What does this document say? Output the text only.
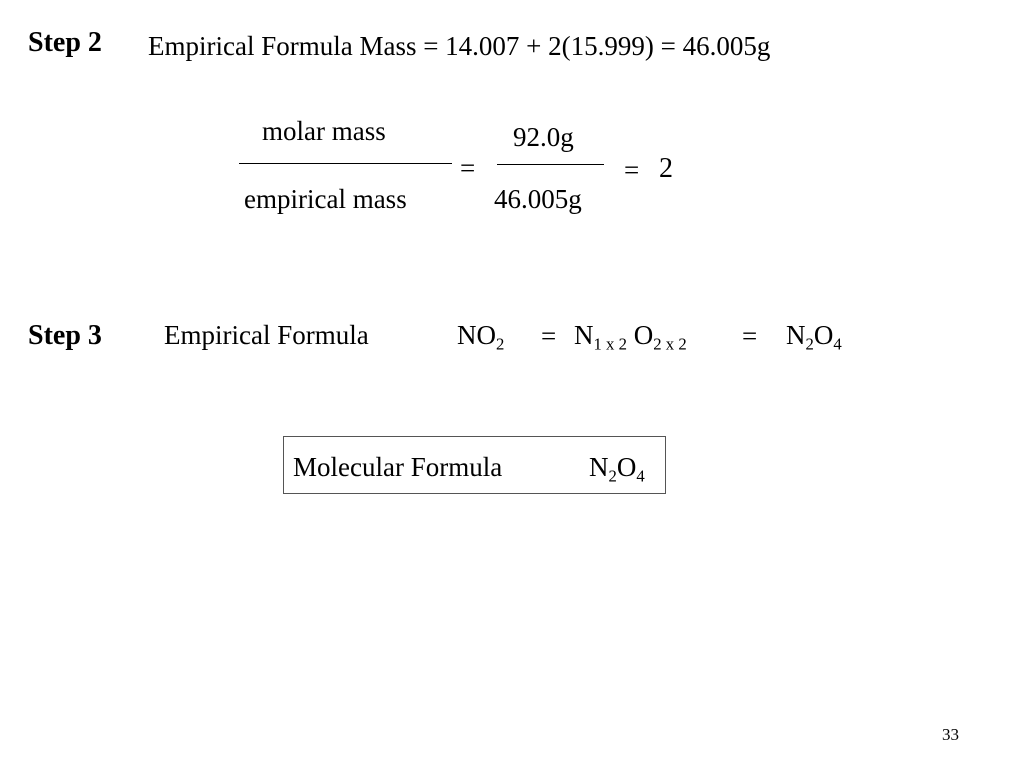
Step 2 Empirical Formula Mass = 14.007 + 2(15.999) = 46.005g
molar mass
empirical mass
=
92.0g
46.005g
= 2
Step 3 Empirical Formula	$NO_2 = N_{1 x 2}$ $O_{2 x 2} = N_2O_4$
Molecular Formula	$N_2O_4$
33
